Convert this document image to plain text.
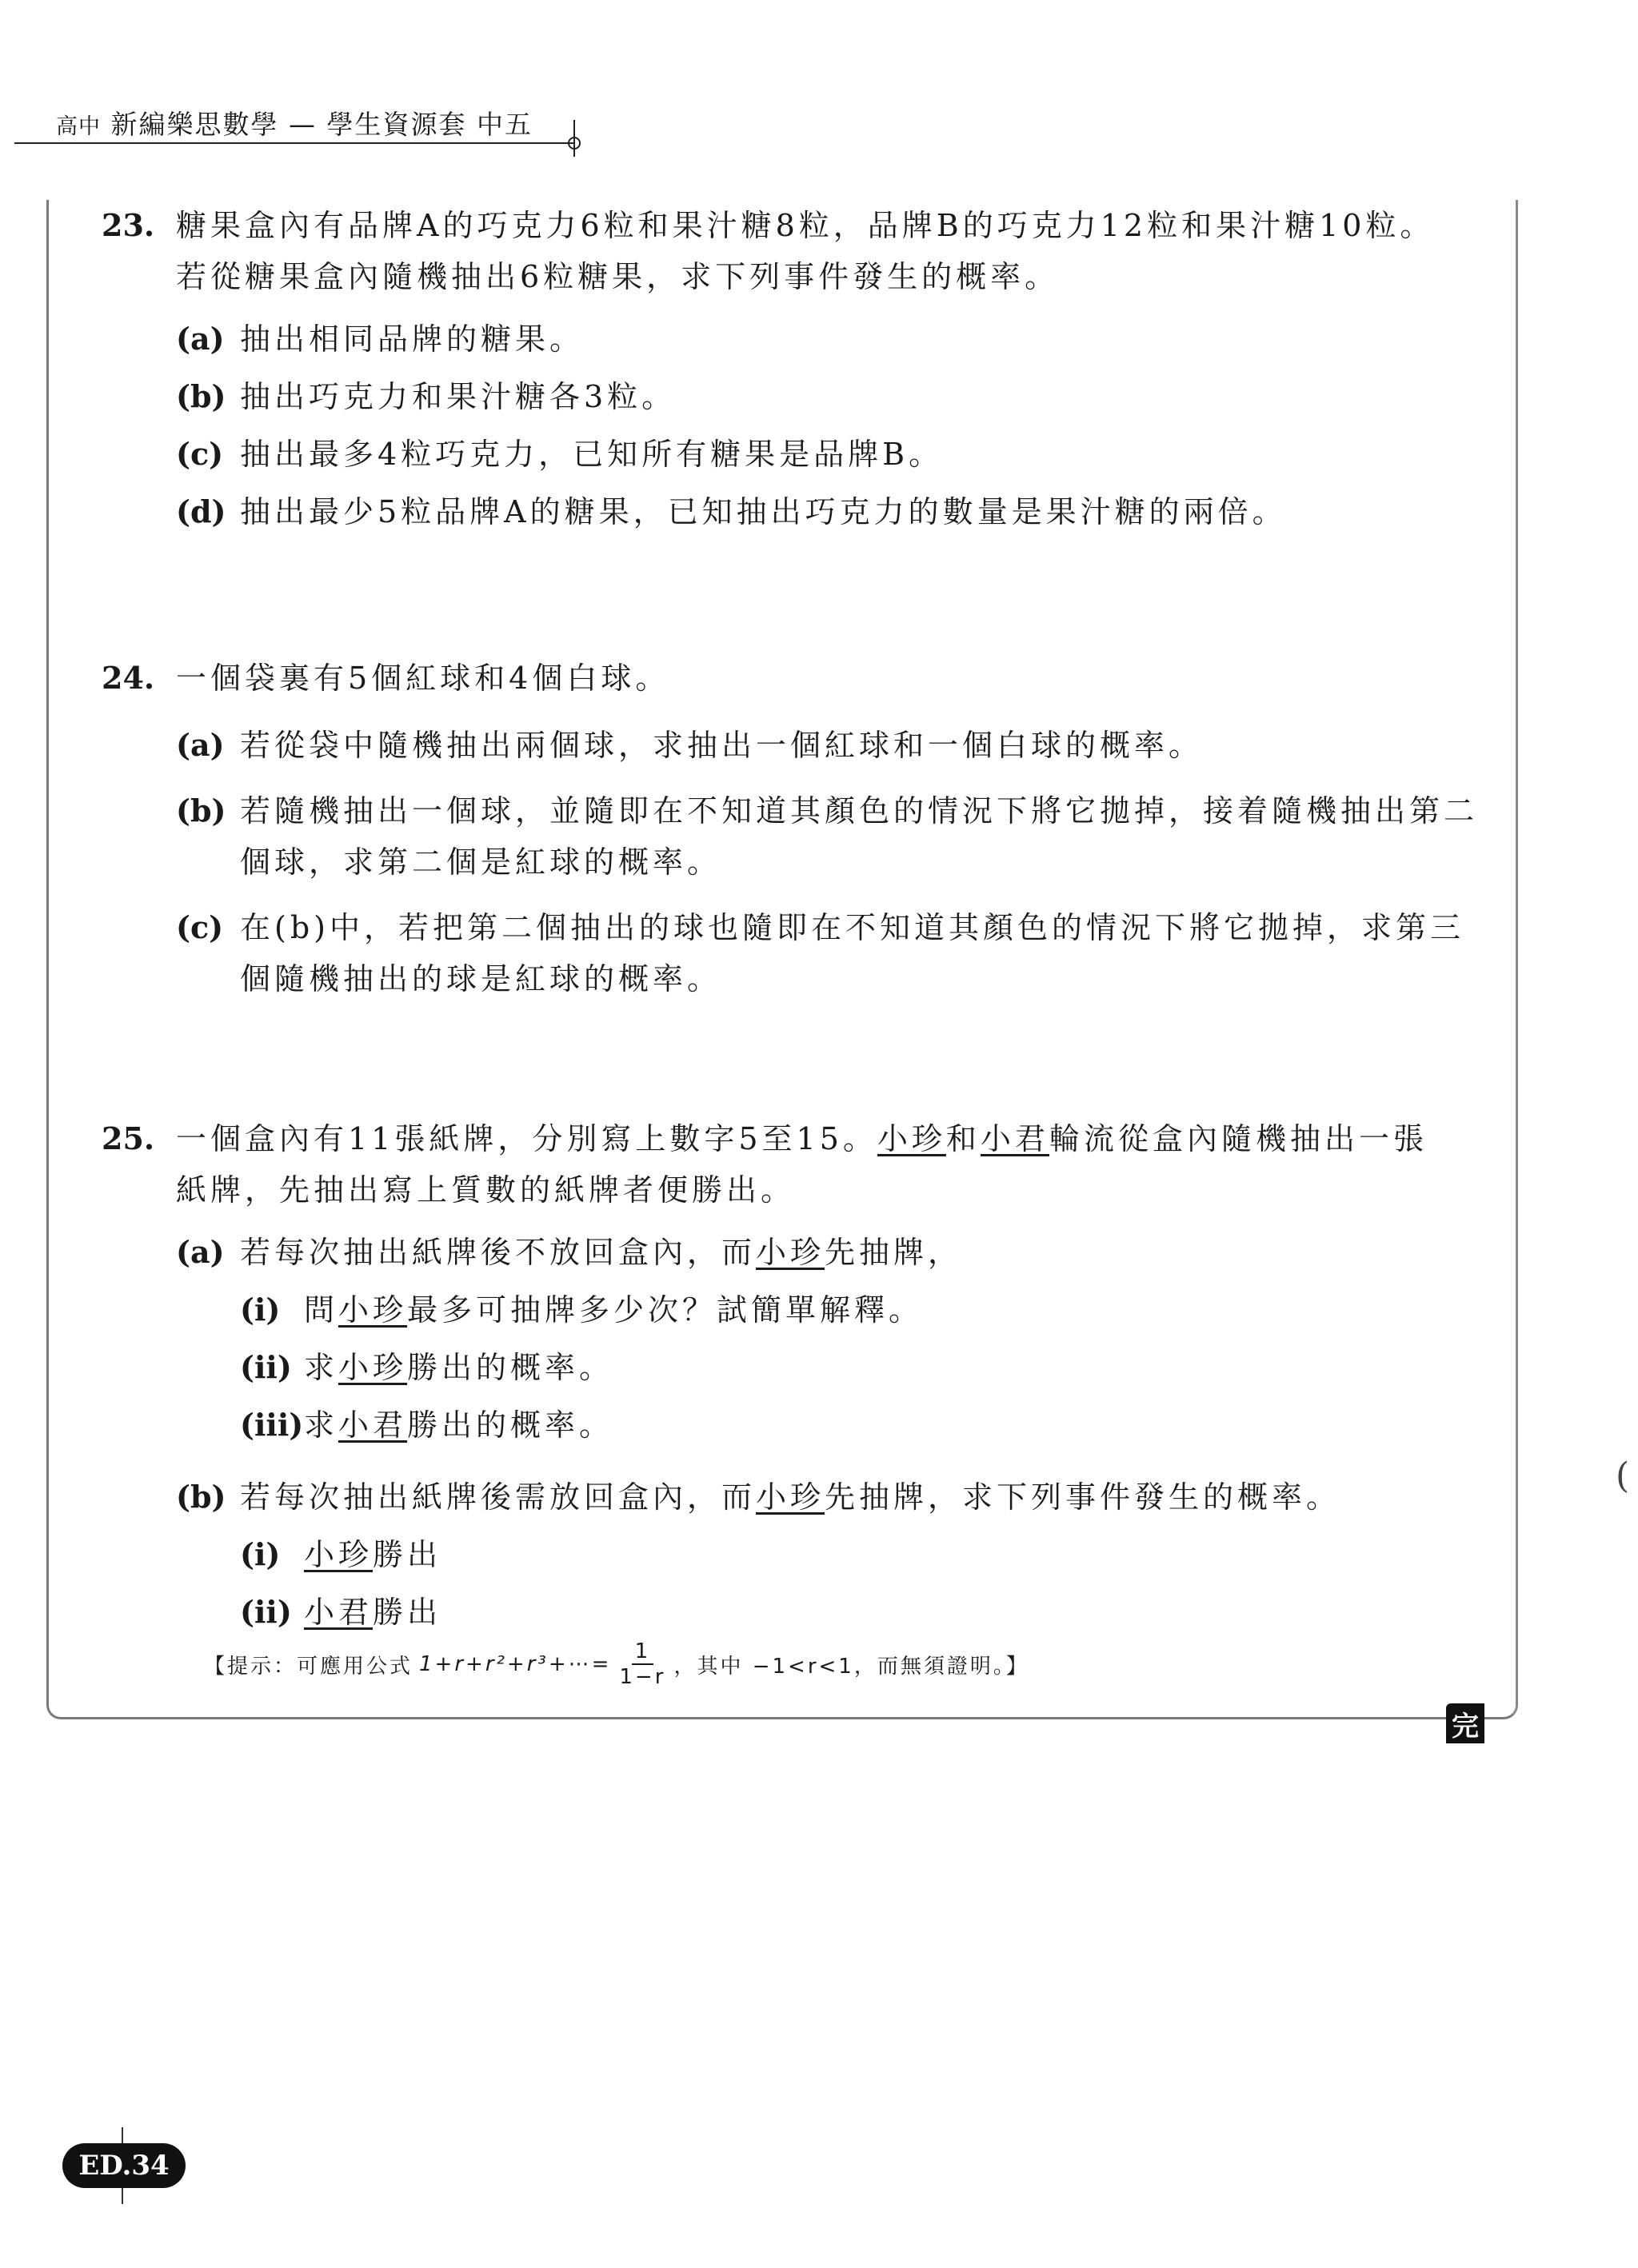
高中 新編樂思數學 — 學生資源套 中五
23. 糖果盒內有品牌A的巧克力6粒和果汁糖8粒，品牌B的巧克力12粒和果汁糖10粒。
若從糖果盒內隨機抽出6粒糖果，求下列事件發生的概率。
(a) 抽出相同品牌的糖果。
(b) 抽出巧克力和果汁糖各3粒。
(c) 抽出最多4粒巧克力，已知所有糖果是品牌B。
(d) 抽出最少5粒品牌A的糖果，已知抽出巧克力的數量是果汁糖的兩倍。
24. 一個袋裏有5個紅球和4個白球。
(a) 若從袋中隨機抽出兩個球，求抽出一個紅球和一個白球的概率。
(b) 若隨機抽出一個球，並隨即在不知道其顏色的情況下將它拋掉，接着隨機抽出第二
個球，求第二個是紅球的概率。
(c) 在(b)中，若把第二個抽出的球也隨即在不知道其顏色的情況下將它拋掉，求第三
個隨機抽出的球是紅球的概率。
25. 一個盒內有11張紙牌，分別寫上數字5至15。小珍和小君輪流從盒內隨機抽出一張
紙牌，先抽出寫上質數的紙牌者便勝出。
(a) 若每次抽出紙牌後不放回盒內，而小珍先抽牌，
(i) 問小珍最多可抽牌多少次？試簡單解釋。
(ii) 求小珍勝出的概率。
(iii) 求小君勝出的概率。
(b) 若每次抽出紙牌後需放回盒內，而小珍先抽牌，求下列事件發生的概率。
(i) 小珍勝出
(ii) 小君勝出
【提示：可應用公式 1+r+r²+r³+⋯= $\frac{1}{1-r}$ ，其中 −1<r<1，而無須證明。】
完
(
ED.34
